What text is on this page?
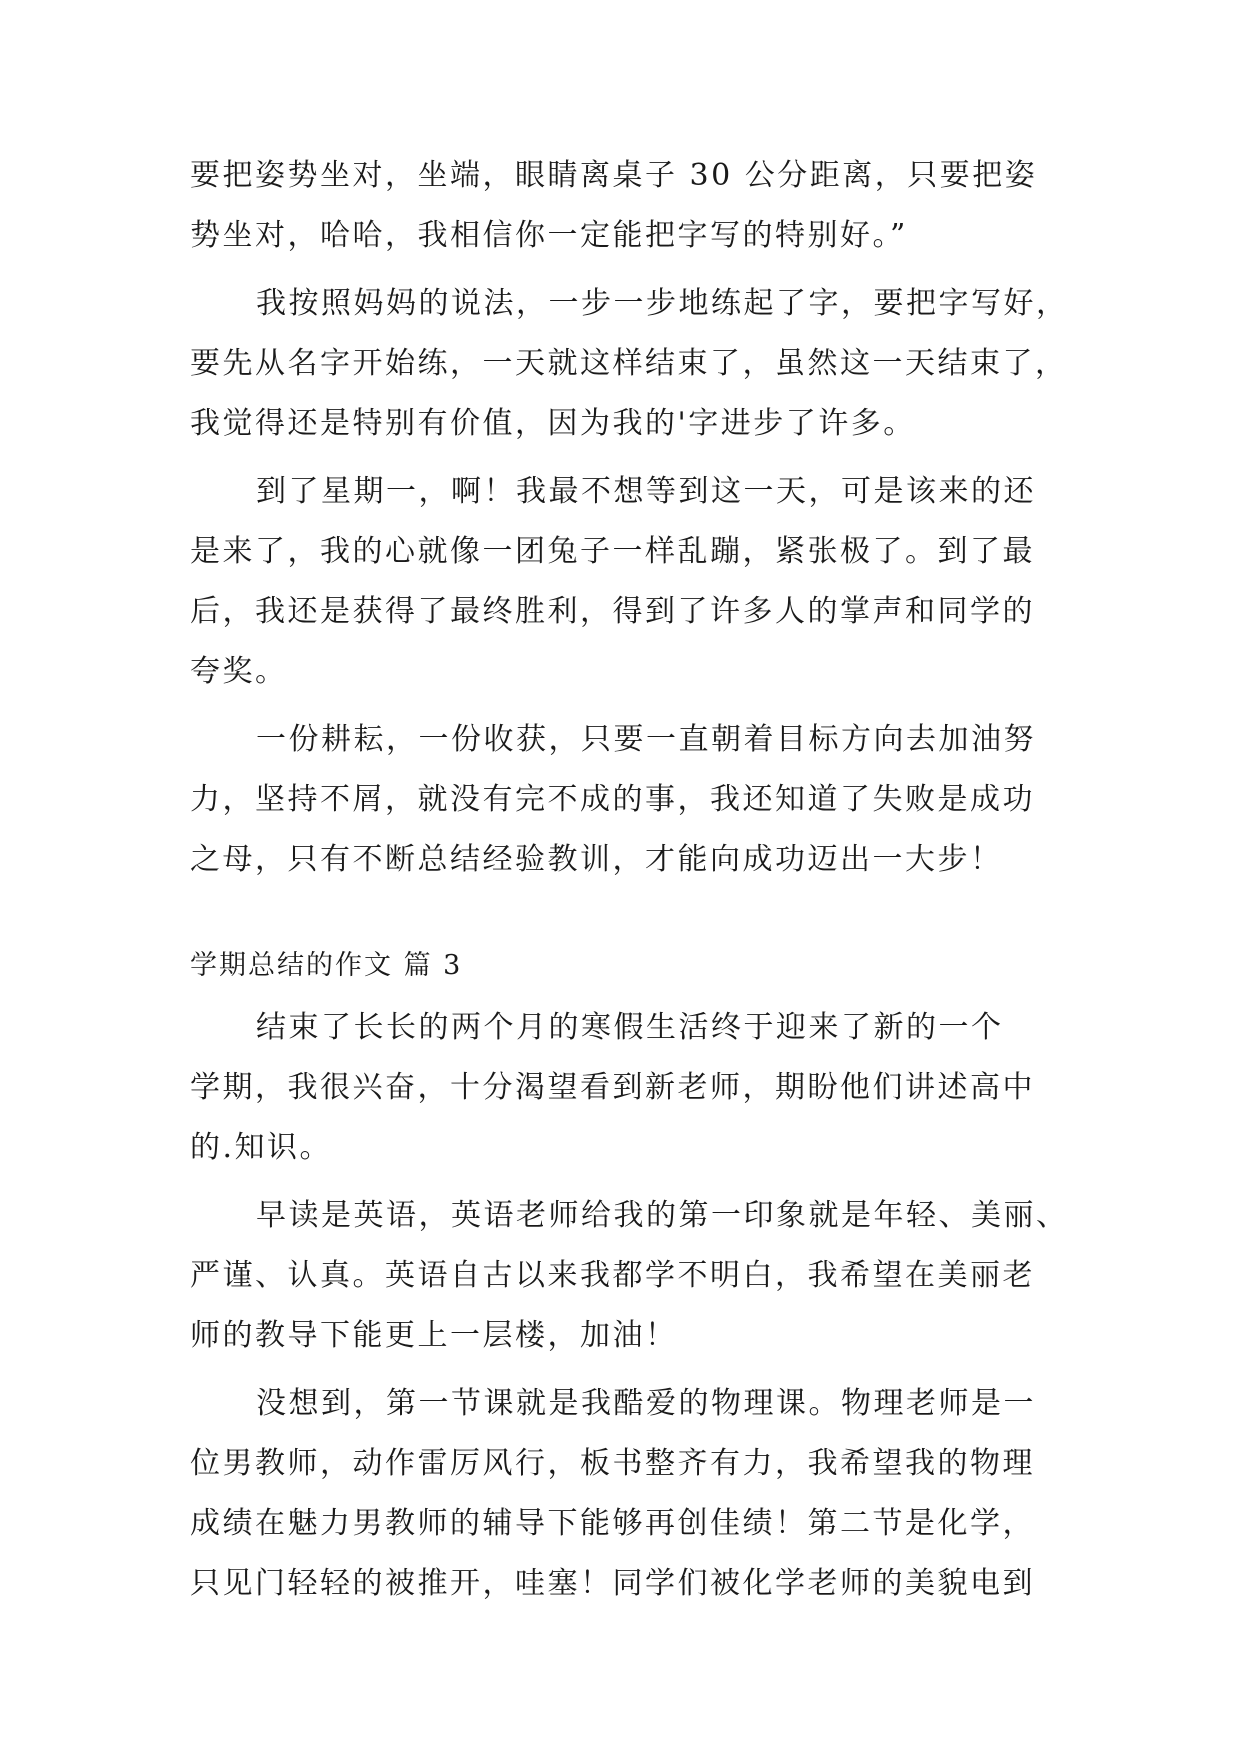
要把姿势坐对，坐端，眼睛离桌子 30 公分距离，只要把姿
势坐对，哈哈，我相信你一定能把字写的特别好。”
我按照妈妈的说法，一步一步地练起了字，要把字写好，
要先从名字开始练，一天就这样结束了，虽然这一天结束了，
我觉得还是特别有价值，因为我的'字进步了许多。
到了星期一，啊！我最不想等到这一天，可是该来的还
是来了，我的心就像一团兔子一样乱蹦，紧张极了。到了最
后，我还是获得了最终胜利，得到了许多人的掌声和同学的
夸奖。
一份耕耘，一份收获，只要一直朝着目标方向去加油努
力，坚持不屑，就没有完不成的事，我还知道了失败是成功
之母，只有不断总结经验教训，才能向成功迈出一大步！
学期总结的作文 篇 3
结束了长长的两个月的寒假生活终于迎来了新的一个
学期，我很兴奋，十分渴望看到新老师，期盼他们讲述高中
的.知识。
早读是英语，英语老师给我的第一印象就是年轻、美丽、
严谨、认真。英语自古以来我都学不明白，我希望在美丽老
师的教导下能更上一层楼，加油！
没想到，第一节课就是我酷爱的物理课。物理老师是一
位男教师，动作雷厉风行，板书整齐有力，我希望我的物理
成绩在魅力男教师的辅导下能够再创佳绩！第二节是化学，
只见门轻轻的被推开，哇塞！同学们被化学老师的美貌电到
